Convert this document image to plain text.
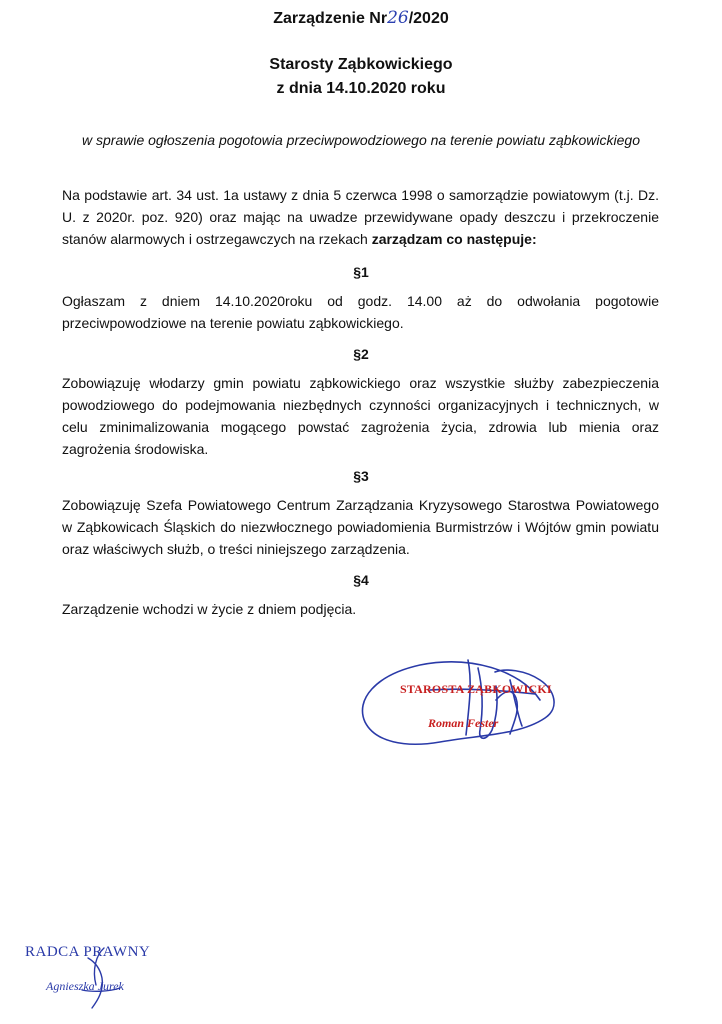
Zarządzenie Nr26/2020
Starosty Ząbkowickiego
z dnia 14.10.2020 roku
w sprawie ogłoszenia pogotowia przeciwpowodziowego na terenie powiatu ząbkowickiego
Na podstawie art. 34 ust. 1a ustawy z dnia 5 czerwca 1998 o samorządzie powiatowym (t.j. Dz. U. z 2020r. poz. 920) oraz mając na uwadze przewidywane opady deszczu i przekroczenie stanów alarmowych i ostrzegawczych na rzekach zarządzam co następuje:
§1
Ogłaszam z dniem 14.10.2020roku od godz. 14.00 aż do odwołania pogotowie przeciwpowodziowe na terenie powiatu ząbkowickiego.
§2
Zobowiązuję włodarzy gmin powiatu ząbkowickiego oraz wszystkie służby zabezpieczenia powodziowego do podejmowania niezbędnych czynności organizacyjnych i technicznych, w celu zminimalizowania mogącego powstać zagrożenia życia, zdrowia lub mienia oraz zagrożenia środowiska.
§3
Zobowiązuję Szefa Powiatowego Centrum Zarządzania Kryzysowego Starostwa Powiatowego w Ząbkowicach Śląskich do niezwłocznego powiadomienia Burmistrzów i Wójtów gmin powiatu oraz właściwych służb, o treści niniejszego zarządzenia.
§4
Zarządzenie wchodzi w życie z dniem podjęcia.
STAROSTA ZĄBKOWICKI
Roman Fester
RADCA PRAWNY
Agnieszka Jurek
